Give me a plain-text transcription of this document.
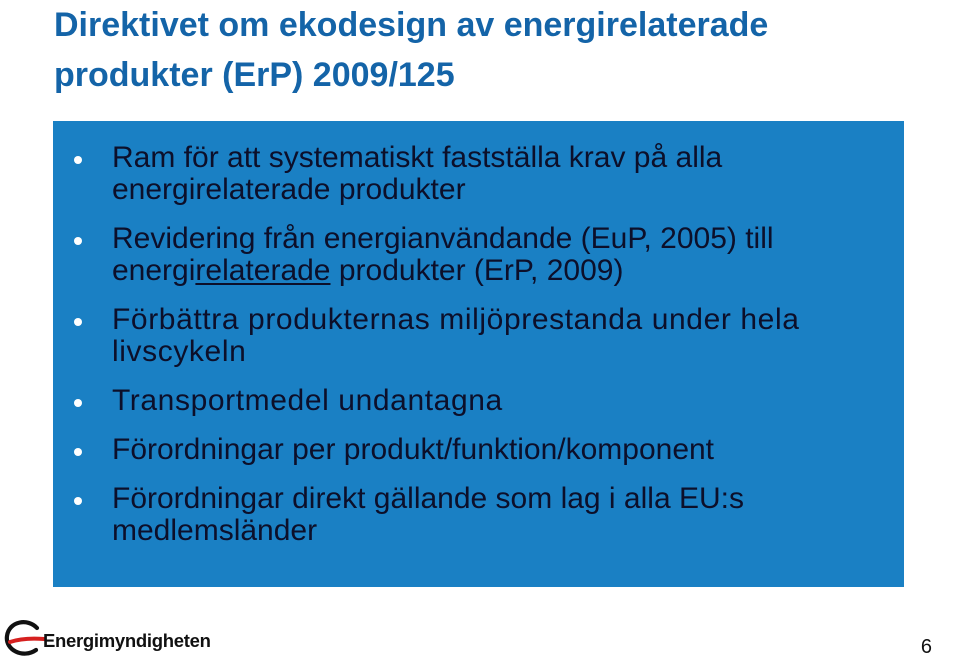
Direktivet om ekodesign av energirelaterade
produkter (ErP) 2009/125
Ram för att systematiskt fastställa krav på alla energirelaterade produkter
Revidering från energianvändande (EuP, 2005) till energirelaterade produkter (ErP, 2009)
Förbättra produkternas miljöprestanda under hela livscykeln
Transportmedel undantagna
Förordningar per produkt/funktion/komponent
Förordningar direkt gällande som lag i alla EU:s medlemsländer
Energimyndigheten	6
